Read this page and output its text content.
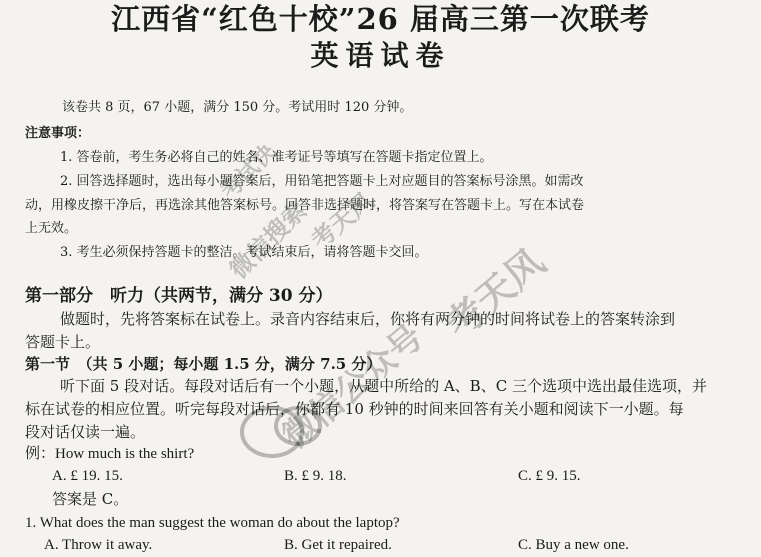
江西省“红色十校”26 届高三第一次联考
英语试卷
该卷共 8 页，67 小题，满分 150 分。考试用时 120 分钟。
注意事项：
1. 答卷前，考生务必将自己的姓名、准考证号等填写在答题卡指定位置上。
2. 回答选择题时，选出每小题答案后，用铅笔把答题卡上对应题目的答案标号涂黑。如需改
动，用橡皮擦干净后，再选涂其他答案标号。回答非选择题时，将答案写在答题卡上。写在本试卷
上无效。
3. 考生必须保持答题卡的整洁。考试结束后，请将答题卡交回。
第一部分　听力（共两节，满分 30 分）
做题时，先将答案标在试卷上。录音内容结束后，你将有两分钟的时间将试卷上的答案转涂到
答题卡上。
第一节　（共 5 小题；每小题 1.5 分，满分 7.5 分）
听下面 5 段对话。每段对话后有一个小题，从题中所给的 A、B、C 三个选项中选出最佳选项，并
标在试卷的相应位置。听完每段对话后，你都有 10 秒钟的时间来回答有关小题和阅读下一小题。每
段对话仅读一遍。
例：How much is the shirt?
A. £ 19. 15.	B. £ 9. 18.	C. £ 9. 15.
答案是 C。
1. What does the man suggest the woman do about the laptop?
A. Throw it away.	B. Get it repaired.	C. Buy a new one.
考试快
微信搜索
考天风
微信公众号
考天风
